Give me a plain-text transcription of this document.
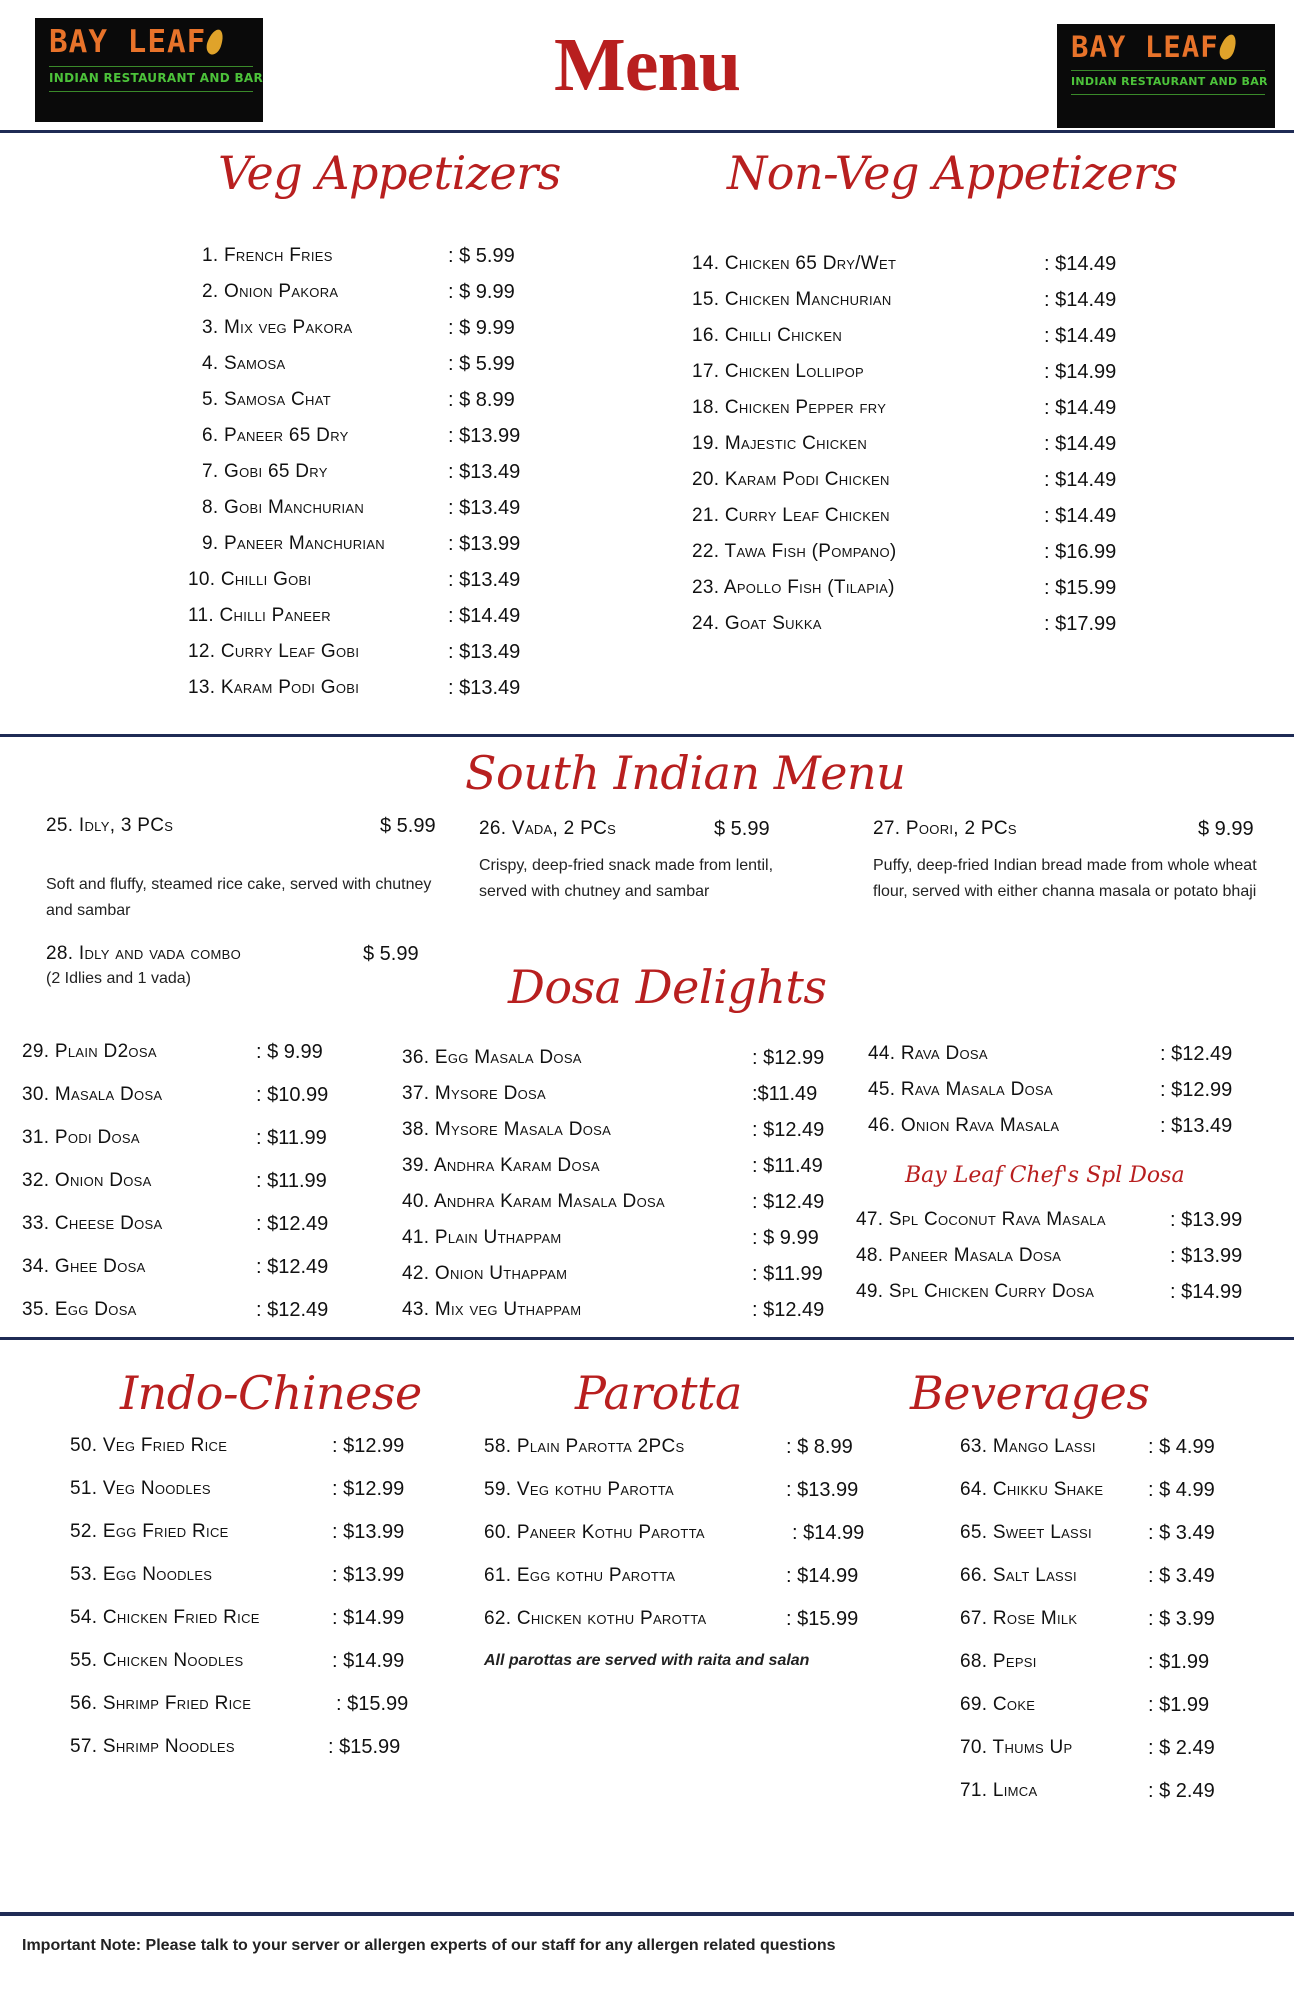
BAY LEAF
INDIAN RESTAURANT AND BAR
BAY LEAF
INDIAN RESTAURANT AND BAR
Menu
Veg Appetizers	Non-Veg Appetizers
South Indian Menu
Dosa Delights
Bay Leaf Chef's Spl Dosa
Indo-Chinese	Parotta	Beverages
1. French Fries	: $ 5.99
2. Onion Pakora	: $ 9.99
3. Mix veg Pakora	: $ 9.99
4. Samosa	: $ 5.99
5. Samosa Chat	: $ 8.99
6. Paneer 65 Dry	: $13.99
7. Gobi 65 Dry	: $13.49
8. Gobi Manchurian	: $13.49
9. Paneer Manchurian	: $13.99
10. Chilli Gobi	: $13.49
11. Chilli Paneer	: $14.49
12. Curry Leaf Gobi	: $13.49
13. Karam Podi Gobi	: $13.49
14. Chicken 65 Dry/Wet	: $14.49
15. Chicken Manchurian	: $14.49
16. Chilli Chicken	: $14.49
17. Chicken Lollipop	: $14.99
18. Chicken Pepper fry	: $14.49
19. Majestic Chicken	: $14.49
20. Karam Podi Chicken	: $14.49
21. Curry Leaf Chicken	: $14.49
22. Tawa Fish (Pompano)	: $16.99
23. Apollo Fish (Tilapia)	: $15.99
24. Goat Sukka	: $17.99
25. Idly, 3 PCs	$ 5.99
Soft and fluffy, steamed rice cake, served with chutney and sambar
26. Vada, 2 PCs	$ 5.99
Crispy, deep-fried snack made from lentil, served with chutney and sambar
27. Poori, 2 PCs	$ 9.99
Puffy, deep-fried Indian bread made from whole wheat flour, served with either channa masala or potato bhaji
28. Idly and vada combo	$ 5.99
(2 Idlies and 1 vada)
29. Plain D2osa	: $ 9.99
30. Masala Dosa	: $10.99
31. Podi Dosa	: $11.99
32. Onion Dosa	: $11.99
33. Cheese Dosa	: $12.49
34. Ghee Dosa	: $12.49
35. Egg Dosa	: $12.49
36. Egg Masala Dosa	: $12.99
37. Mysore Dosa	:$11.49
38. Mysore Masala Dosa	: $12.49
39. Andhra Karam Dosa	: $11.49
40. Andhra Karam Masala Dosa	: $12.49
41. Plain Uthappam	: $ 9.99
42. Onion Uthappam	: $11.99
43. Mix veg Uthappam	: $12.49
44. Rava Dosa	: $12.49
45. Rava Masala Dosa	: $12.99
46. Onion Rava Masala	: $13.49
47. Spl Coconut Rava Masala	: $13.99
48. Paneer Masala Dosa	: $13.99
49. Spl Chicken Curry Dosa	: $14.99
50. Veg Fried Rice	: $12.99
51. Veg Noodles	: $12.99
52. Egg Fried Rice	: $13.99
53. Egg Noodles	: $13.99
54. Chicken Fried Rice	: $14.99
55. Chicken Noodles	: $14.99
56. Shrimp Fried Rice	: $15.99
57. Shrimp Noodles	: $15.99
58. Plain Parotta 2PCs	: $ 8.99
59. Veg kothu Parotta	: $13.99
60. Paneer Kothu Parotta	: $14.99
61. Egg kothu Parotta	: $14.99
62. Chicken kothu Parotta	: $15.99
All parottas are served with raita and salan
63. Mango Lassi	: $ 4.99
64. Chikku Shake : $ 4.99
65. Sweet Lassi	: $ 3.49
66. Salt Lassi	: $ 3.49
67. Rose Milk	: $ 3.99
68. Pepsi	: $1.99
69. Coke	: $1.99
70. Thums Up	: $ 2.49
71. Limca	: $ 2.49
Important Note: Please talk to your server or allergen experts of our staff for any allergen related questions
